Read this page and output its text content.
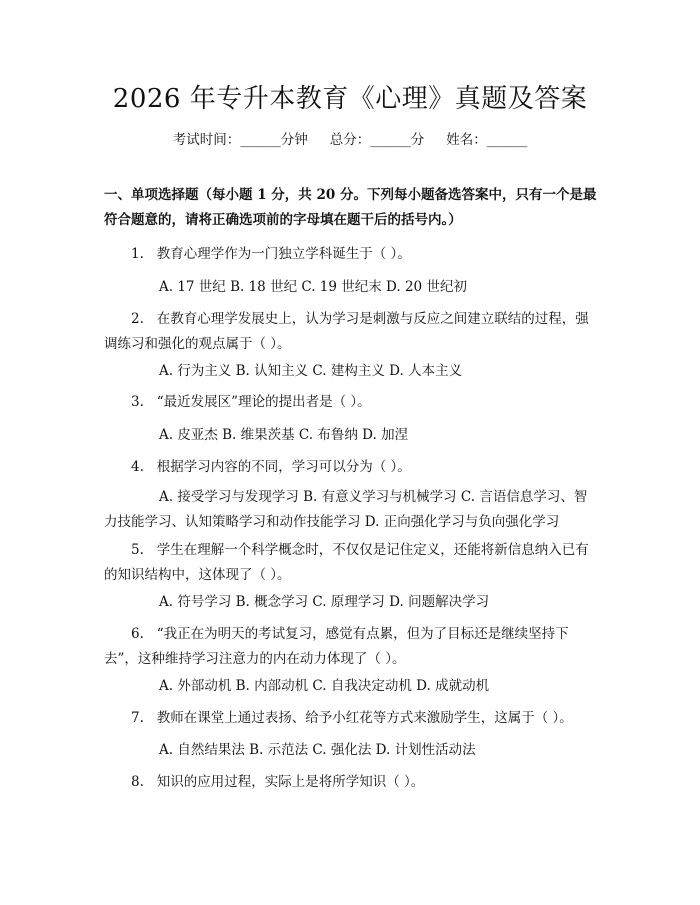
2026 年专升本教育《心理》真题及答案
考试时间：______分钟 总分：______分 姓名：______
一、单项选择题（每小题 1 分，共 20 分。下列每小题备选答案中，只有一个是最符合题意的，请将正确选项前的字母填在题干后的括号内。）
1. 教育心理学作为一门独立学科诞生于（ ）。
A. 17 世纪 B. 18 世纪 C. 19 世纪末 D. 20 世纪初
2. 在教育心理学发展史上，认为学习是刺激与反应之间建立联结的过程，强调练习和强化的观点属于（ ）。
A. 行为主义 B. 认知主义 C. 建构主义 D. 人本主义
3. “最近发展区”理论的提出者是（ ）。
A. 皮亚杰 B. 维果茨基 C. 布鲁纳 D. 加涅
4. 根据学习内容的不同，学习可以分为（ ）。
A. 接受学习与发现学习 B. 有意义学习与机械学习 C. 言语信息学习、智力技能学习、认知策略学习和动作技能学习 D. 正向强化学习与负向强化学习
5. 学生在理解一个科学概念时，不仅仅是记住定义，还能将新信息纳入已有的知识结构中，这体现了（ ）。
A. 符号学习 B. 概念学习 C. 原理学习 D. 问题解决学习
6. “我正在为明天的考试复习，感觉有点累，但为了目标还是继续坚持下去”，这种维持学习注意力的内在动力体现了（ ）。
A. 外部动机 B. 内部动机 C. 自我决定动机 D. 成就动机
7. 教师在课堂上通过表扬、给予小红花等方式来激励学生，这属于（ ）。
A. 自然结果法 B. 示范法 C. 强化法 D. 计划性活动法
8. 知识的应用过程，实际上是将所学知识（ ）。
